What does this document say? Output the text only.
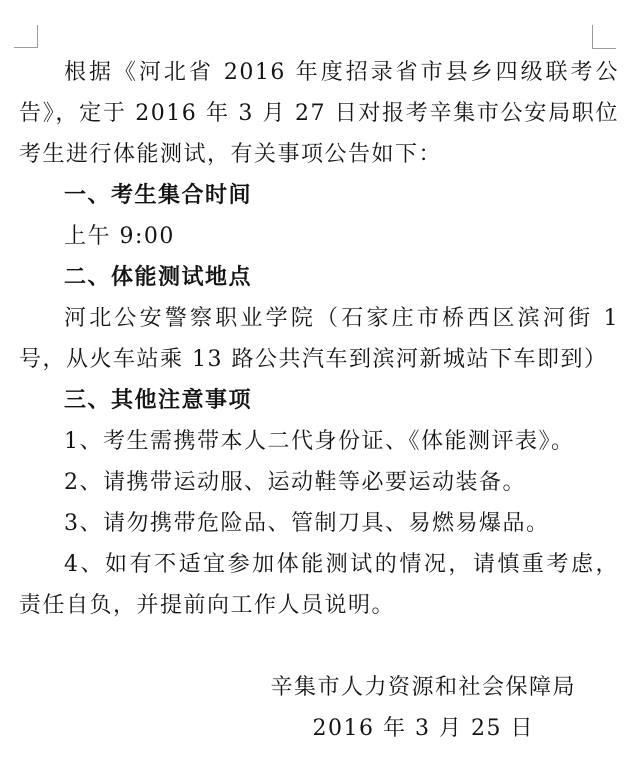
根据《河北省 2016 年度招录省市县乡四级联考公告》，定于 2016 年 3 月 27 日对报考辛集市公安局职位考生进行体能测试，有关事项公告如下：

一、考生集合时间

上午 9:00

二、体能测试地点

河北公安警察职业学院（石家庄市桥西区滨河街 1 号，从火车站乘 13 路公共汽车到滨河新城站下车即到）

三、其他注意事项

1、考生需携带本人二代身份证、《体能测评表》。

2、请携带运动服、运动鞋等必要运动装备。

3、请勿携带危险品、管制刀具、易燃易爆品。

4、如有不适宜参加体能测试的情况，请慎重考虑，责任自负，并提前向工作人员说明。

辛集市人力资源和社会保障局

2016 年 3 月 25 日
